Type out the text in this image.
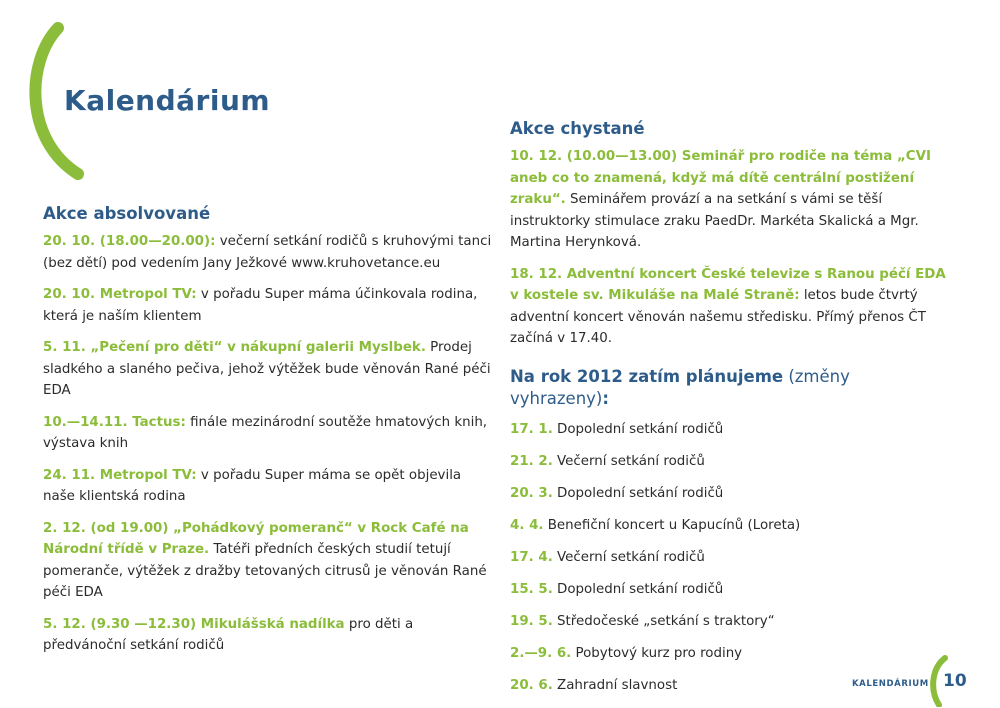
Kalendárium
Akce absolvované

20. 10. (18.00—20.00): večerní setkání rodičů s kruhovými tanci (bez dětí) pod vedením Jany Ježkové www.kruhovetance.eu

20. 10. Metropol TV: v pořadu Super máma účinkovala rodina, která je naším klientem

5. 11. „Pečení pro děti“ v nákupní galerii Myslbek. Prodej sladkého a slaného pečiva, jehož výtěžek bude věnován Rané péči EDA

10.—14.11. Tactus: finále mezinárodní soutěže hmatových knih, výstava knih

24. 11. Metropol TV: v pořadu Super máma se opět objevila naše klientská rodina

2. 12. (od 19.00) „Pohádkový pomeranč“ v Rock Café na Národní třídě v Praze. Tatéři předních českých studií tetují pomeranče, výtěžek z dražby tetovaných citrusů je věnován Rané péči EDA

5. 12. (9.30 —12.30) Mikulášská nadílka pro děti a předvánoční setkání rodičů

Akce chystané

10. 12. (10.00—13.00) Seminář pro rodiče na téma „CVI aneb co to znamená, když má dítě centrální postižení zraku“. Seminářem provází a na setkání s vámi se těší instruktorky stimulace zraku PaedDr. Markéta Skalická a Mgr. Martina Herynková.

18. 12. Adventní koncert České televize s Ranou péčí EDA v kostele sv. Mikuláše na Malé Straně: letos bude čtvrtý adventní koncert věnován našemu středisku. Přímý přenos ČT začíná v 17.40.

Na rok 2012 zatím plánujeme (změny vyhrazeny):

17. 1. Dopolední setkání rodičů

21. 2. Večerní setkání rodičů

20. 3. Dopolední setkání rodičů

4. 4. Benefiční koncert u Kapucínů (Loreta)

17. 4. Večerní setkání rodičů

15. 5. Dopolední setkání rodičů

19. 5. Středočeské „setkání s traktory“

2.—9. 6. Pobytový kurz pro rodiny

20. 6. Zahradní slavnost	KALENDÁRIUM 10
